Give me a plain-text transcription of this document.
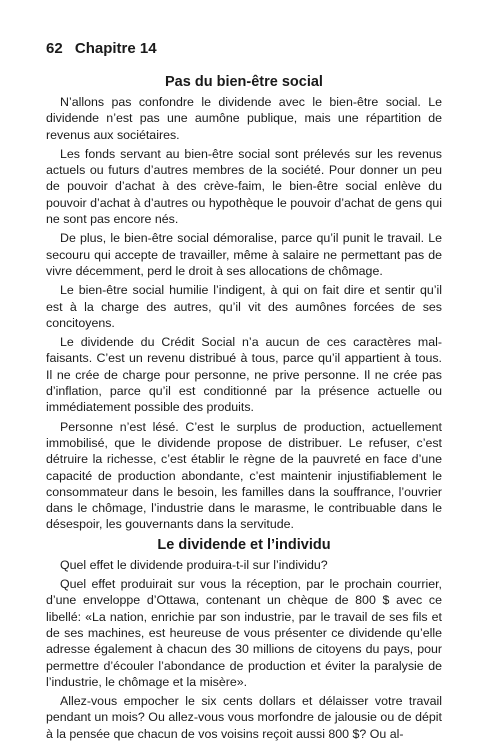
62 Chapitre 14
Pas du bien-être social

N’allons pas confondre le dividende avec le bien-être social. Le dividende n’est pas une aumône publique, mais une répartition de revenus aux sociétaires.

Les fonds servant au bien-être social sont prélevés sur les revenus actuels ou futurs d’autres membres de la société. Pour donner un peu de pouvoir d’achat à des crève-faim, le bien-être social enlève du pouvoir d’achat à d’autres ou hypothèque le pouvoir d’achat de gens qui ne sont pas encore nés.

De plus, le bien-être social démoralise, parce qu’il punit le travail. Le secouru qui accepte de travailler, même à salaire ne permettant pas de vivre décemment, perd le droit à ses allocations de chômage.

Le bien-être social humilie l’indigent, à qui on fait dire et sentir qu’il est à la charge des autres, qu’il vit des aumônes forcées de ses concitoyens.

Le dividende du Crédit Social n’a aucun de ces caractères malfaisants. C’est un revenu distribué à tous, parce qu’il appartient à tous. Il ne crée de charge pour personne, ne prive personne. Il ne crée pas d’inflation, parce qu’il est conditionné par la présence actuelle ou immédiatement possible des produits.

Personne n’est lésé. C’est le surplus de production, actuellement immobilisé, que le dividende propose de distribuer. Le refuser, c’est détruire la richesse, c’est établir le règne de la pauvreté en face d’une capacité de production abondante, c’est maintenir injustifiablement le consommateur dans le besoin, les familles dans la souffrance, l’ouvrier dans le chômage, l’industrie dans le marasme, le contribuable dans le désespoir, les gouvernants dans la servitude.

Le dividende et l’individu

Quel effet le dividende produira-t-il sur l’individu?

Quel effet produirait sur vous la réception, par le prochain courrier, d’une enveloppe d’Ottawa, contenant un chèque de 800 $ avec ce libellé: «La nation, enrichie par son industrie, par le travail de ses fils et de ses machines, est heureuse de vous présenter ce dividende qu’elle adresse également à chacun des 30 millions de citoyens du pays, pour permettre d’écouler l’abondance de production et éviter la paralysie de l’industrie, le chômage et la misère».

Allez-vous empocher le six cents dollars et délaisser votre travail pendant un mois? Ou allez-vous vous morfondre de jalousie ou de dépit à la pensée que chacun de vos voisins reçoit aussi 800 $? Ou al-
